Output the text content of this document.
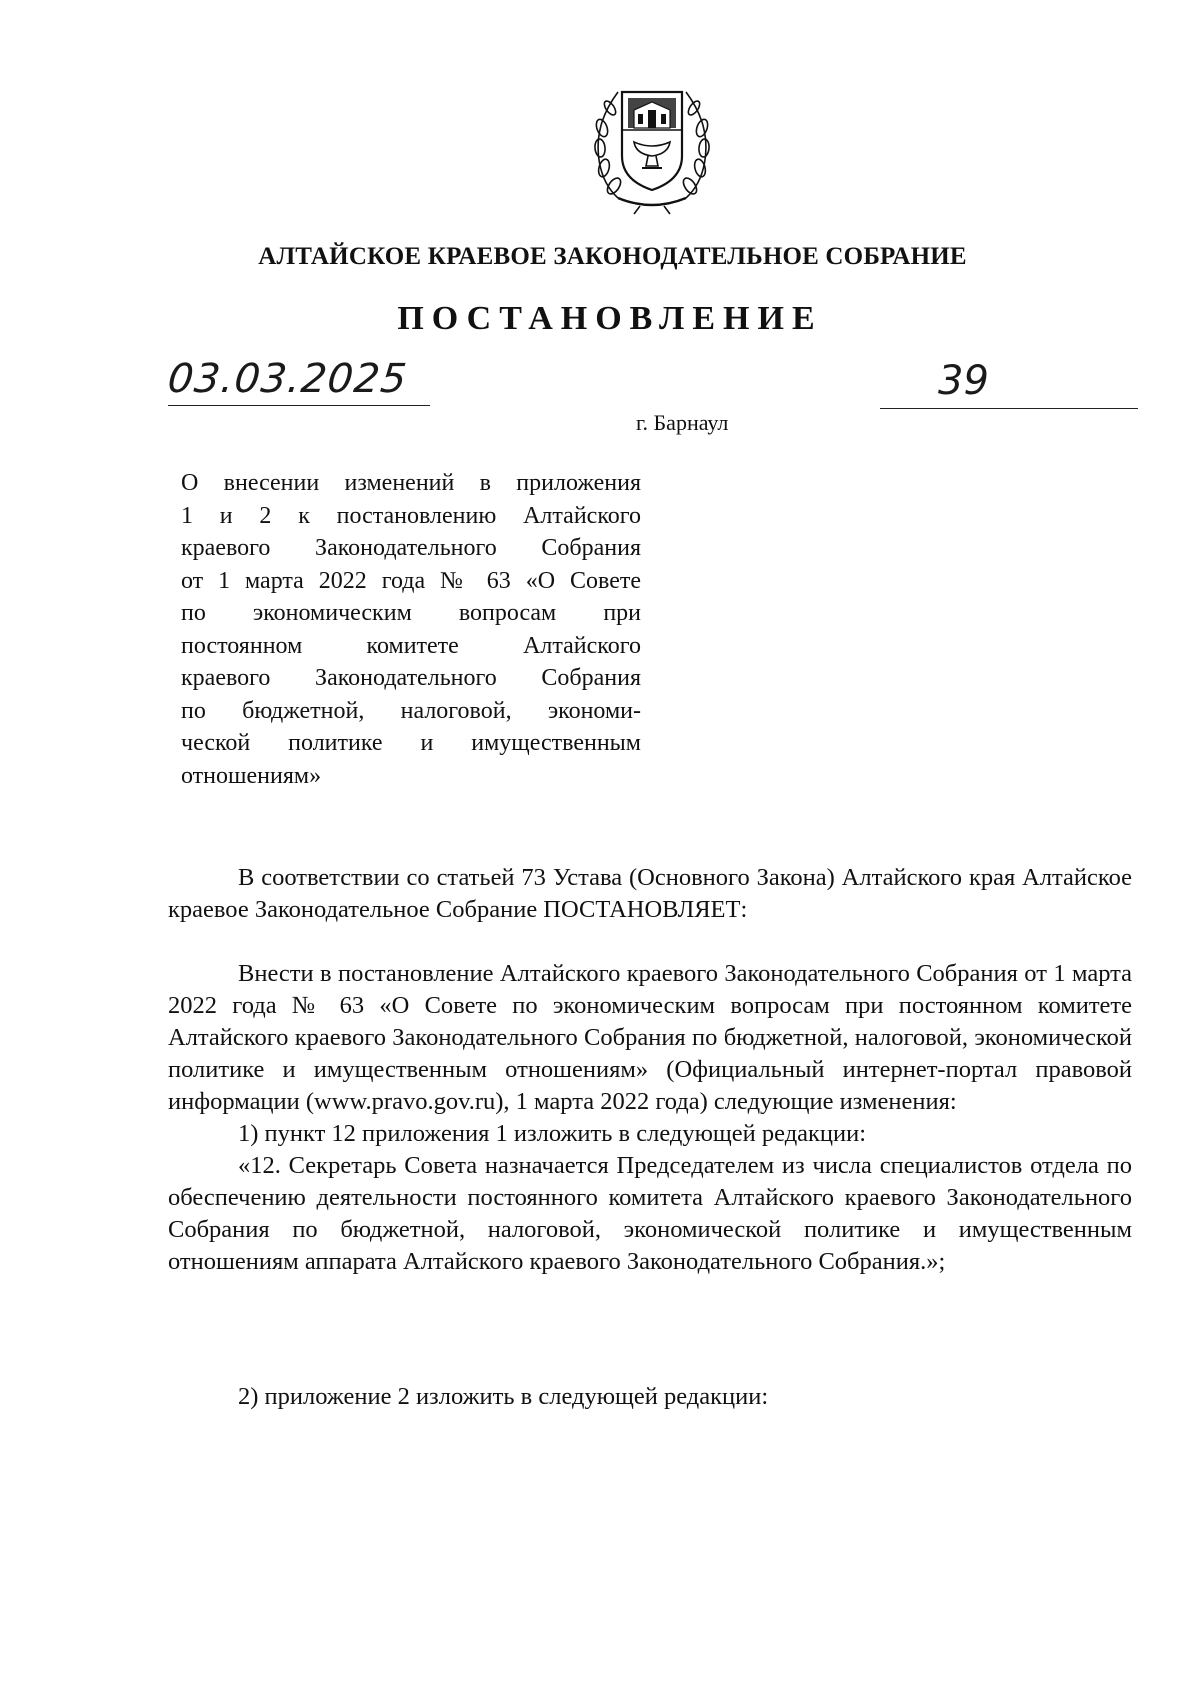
АЛТАЙСКОЕ КРАЕВОЕ ЗАКОНОДАТЕЛЬНОЕ СОБРАНИЕ
ПОСТАНОВЛЕНИЕ
03.03.2025	39
г. Барнаул
О внесении изменений в приложения
1 и 2 к постановлению Алтайского
краевого Законодательного Собрания
от 1 марта 2022 года № 63 «О Совете
по экономическим вопросам при
постоянном комитете Алтайского
краевого Законодательного Собрания
по бюджетной, налоговой, экономи-
ческой политике и имущественным
отношениям»

В соответствии со статьей 73 Устава (Основного Закона) Алтайского края Алтайское краевое Законодательное Собрание ПОСТАНОВЛЯЕТ:

Внести в постановление Алтайского краевого Законодательного Собрания от 1 марта 2022 года № 63 «О Совете по экономическим вопросам при постоянном комитете Алтайского краевого Законодательного Собрания по бюджетной, налоговой, экономической политике и имущественным отношениям» (Официальный интернет-портал правовой информации (www.pravo.gov.ru), 1 марта 2022 года) следующие изменения:

1) пункт 12 приложения 1 изложить в следующей редакции:

«12. Секретарь Совета назначается Председателем из числа специалистов отдела по обеспечению деятельности постоянного комитета Алтайского краевого Законодательного Собрания по бюджетной, налоговой, экономической политике и имущественным отношениям аппарата Алтайского краевого Законодательного Собрания.»;

2) приложение 2 изложить в следующей редакции:
